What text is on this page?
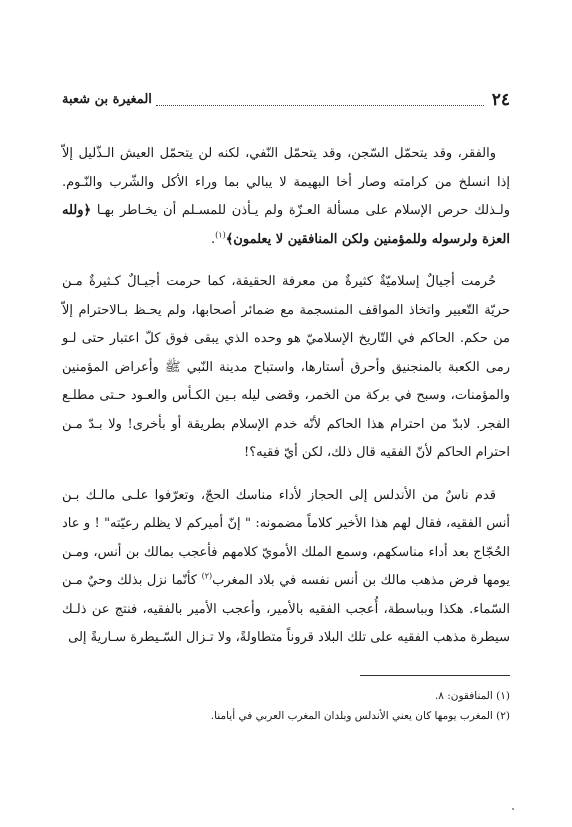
٢٤
المغيرة بن شعبة

والفقر، وقد يتحمّل السّجن، وقد يتحمّل النّفي، لكنه لن يتحمّل العيش الـذّليل إلاّ إذا انسلخ من كرامته وصار أخا البهيمة لا يبالي بما وراء الأكل والشّرب والنّـوم. ولـذلك حرص الإسلام على مسألة العـزّة ولم يـأذن للمسـلم أن يخـاطر بهـا ﴿ولله العزة ولرسوله وللمؤمنين ولكن المنافقين لا يعلمون﴾$^{(١)}$.

حُرمت أجيالٌ إسلاميّةٌ كثيرةٌ من معرفة الحقيقة، كما حرمت أجيـالٌ كـثيرةٌ مـن حريّة التّعبير واتخاذ المواقف المنسجمة مع ضمائر أصحابها، ولم يحـظ بـالاحترام إلاّ من حكم. الحاكم في التّاريخ الإسلاميّ هو وحده الذي يبقى فوق كلّ اعتبار حتى لـو رمى الكعبة بالمنجنيق وأحرق أستارها، واستباح مدينة النّبي ﷺ وأعراض المؤمنين والمؤمنات، وسبح في بركة من الخمر، وقضى ليله بـين الكـأس والعـود حـتى مطلـع الفجر. لابدّ من احترام هذا الحاكم لأنّه خدم الإسلام بطريقة أو بأخرى! ولا بـدّ مـن احترام الحاكم لأنّ الفقيه قال ذلك، لكن أيّ فقيه؟!

قدم ناسٌ من الأندلس إلى الحجاز لأداء مناسك الحجّ، وتعرّفوا علـى مالـك بـن أنس الفقيه، فقال لهم هذا الأخير كلاماً مضمونه: " إنّ أميركم لا يظلم رعيّته" ! و عاد الحُجّاج بعد أداء مناسكهم، وسمع الملك الأمويّ كلامهم فأعجب بمالك بن أنس، ومـن يومها فرض مذهب مالك بن أنس نفسه في بلاد المغرب$^{(٢)}$ كأنّما نزل بذلك وحيٌ مـن السّماء. هكذا وبباسطة، أُعجب الفقيه بالأمير، وأعجب الأمير بالفقيه، فنتج عن ذلـك سيطرة مذهب الفقيه على تلك البلاد قروناً متطاولةً، ولا تـزال السّـيطرة سـاريةً إلى

(١) المنافقون: ٨.

(٢) المغرب يومها كان يعني الأندلس وبلدان المغرب العربي في أيامنا.
